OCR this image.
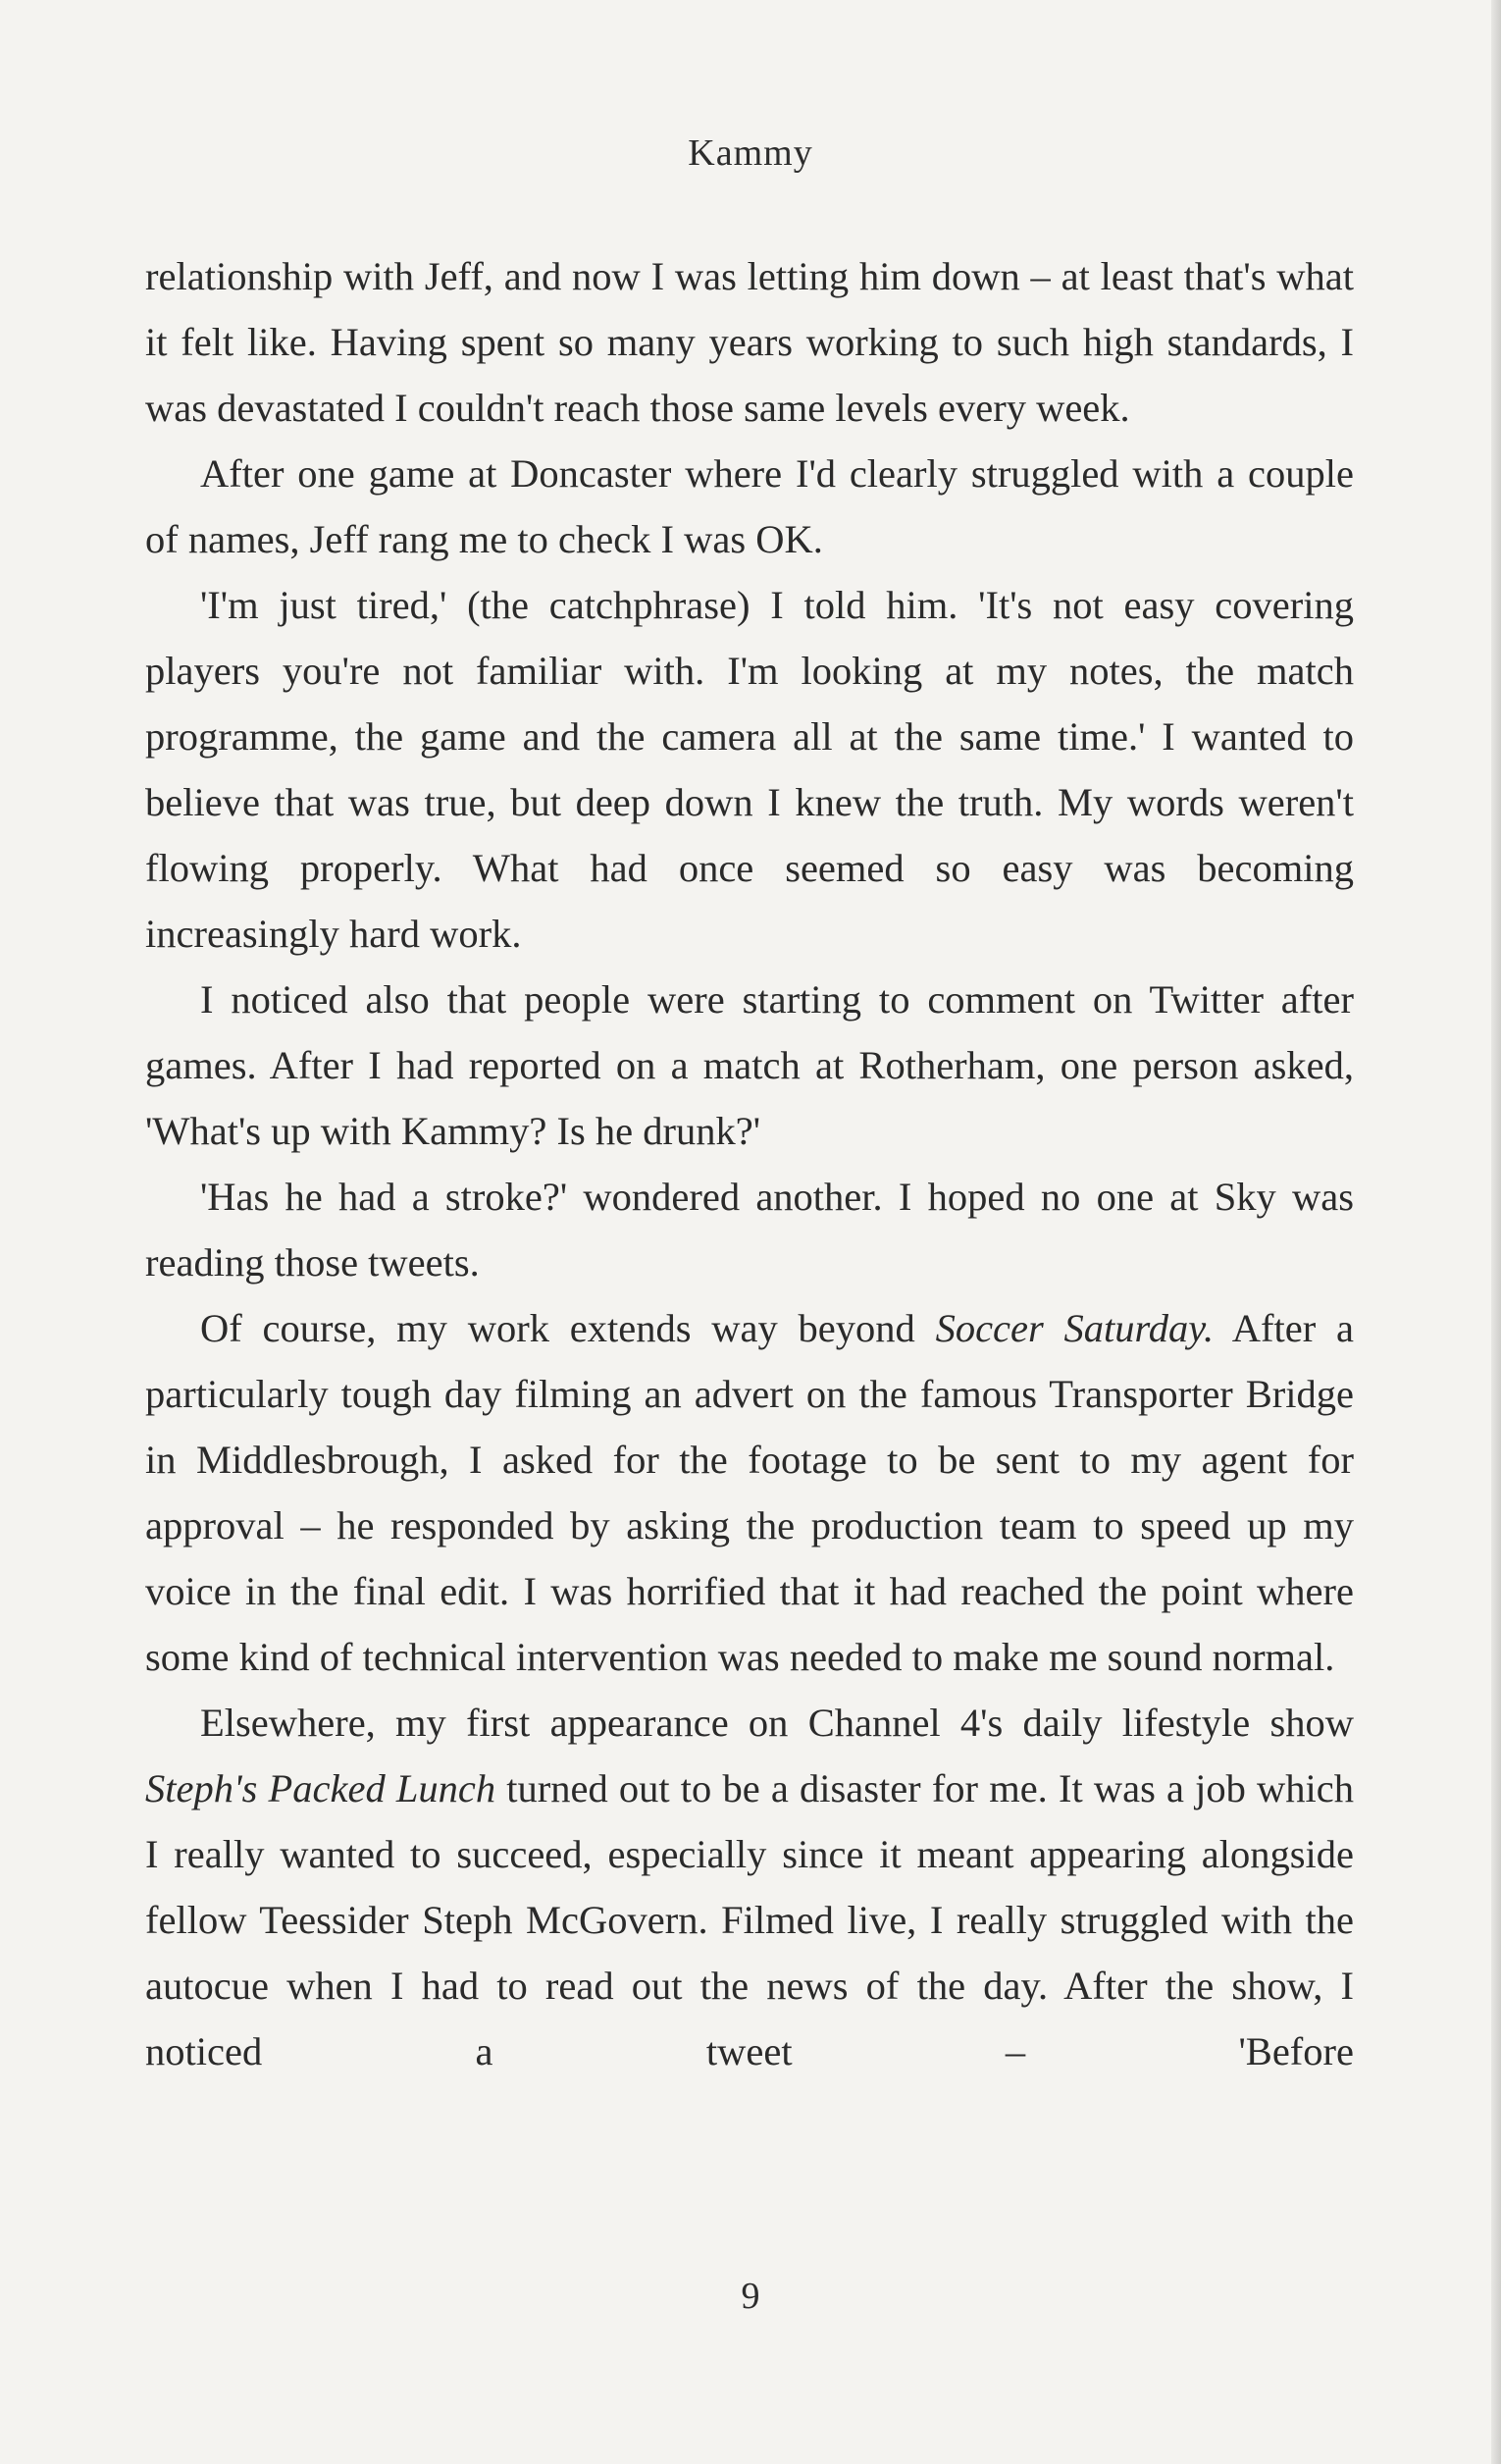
Kammy

relationship with Jeff, and now I was letting him down – at least that's what it felt like. Having spent so many years working to such high standards, I was devastated I couldn't reach those same levels every week.

After one game at Doncaster where I'd clearly struggled with a couple of names, Jeff rang me to check I was OK.

'I'm just tired,' (the catchphrase) I told him. 'It's not easy covering players you're not familiar with. I'm looking at my notes, the match programme, the game and the camera all at the same time.' I wanted to believe that was true, but deep down I knew the truth. My words weren't flowing properly. What had once seemed so easy was becoming increasingly hard work.

I noticed also that people were starting to comment on Twitter after games. After I had reported on a match at Rotherham, one person asked, 'What's up with Kammy? Is he drunk?'

'Has he had a stroke?' wondered another. I hoped no one at Sky was reading those tweets.

Of course, my work extends way beyond Soccer Saturday. After a particularly tough day filming an advert on the famous Transporter Bridge in Middlesbrough, I asked for the footage to be sent to my agent for approval – he responded by asking the production team to speed up my voice in the final edit. I was horrified that it had reached the point where some kind of technical intervention was needed to make me sound normal.

Elsewhere, my first appearance on Channel 4's daily lifestyle show Steph's Packed Lunch turned out to be a disaster for me. It was a job which I really wanted to succeed, especially since it meant appearing alongside fellow Teessider Steph McGovern. Filmed live, I really struggled with the autocue when I had to read out the news of the day. After the show, I noticed a tweet – 'Before

9
